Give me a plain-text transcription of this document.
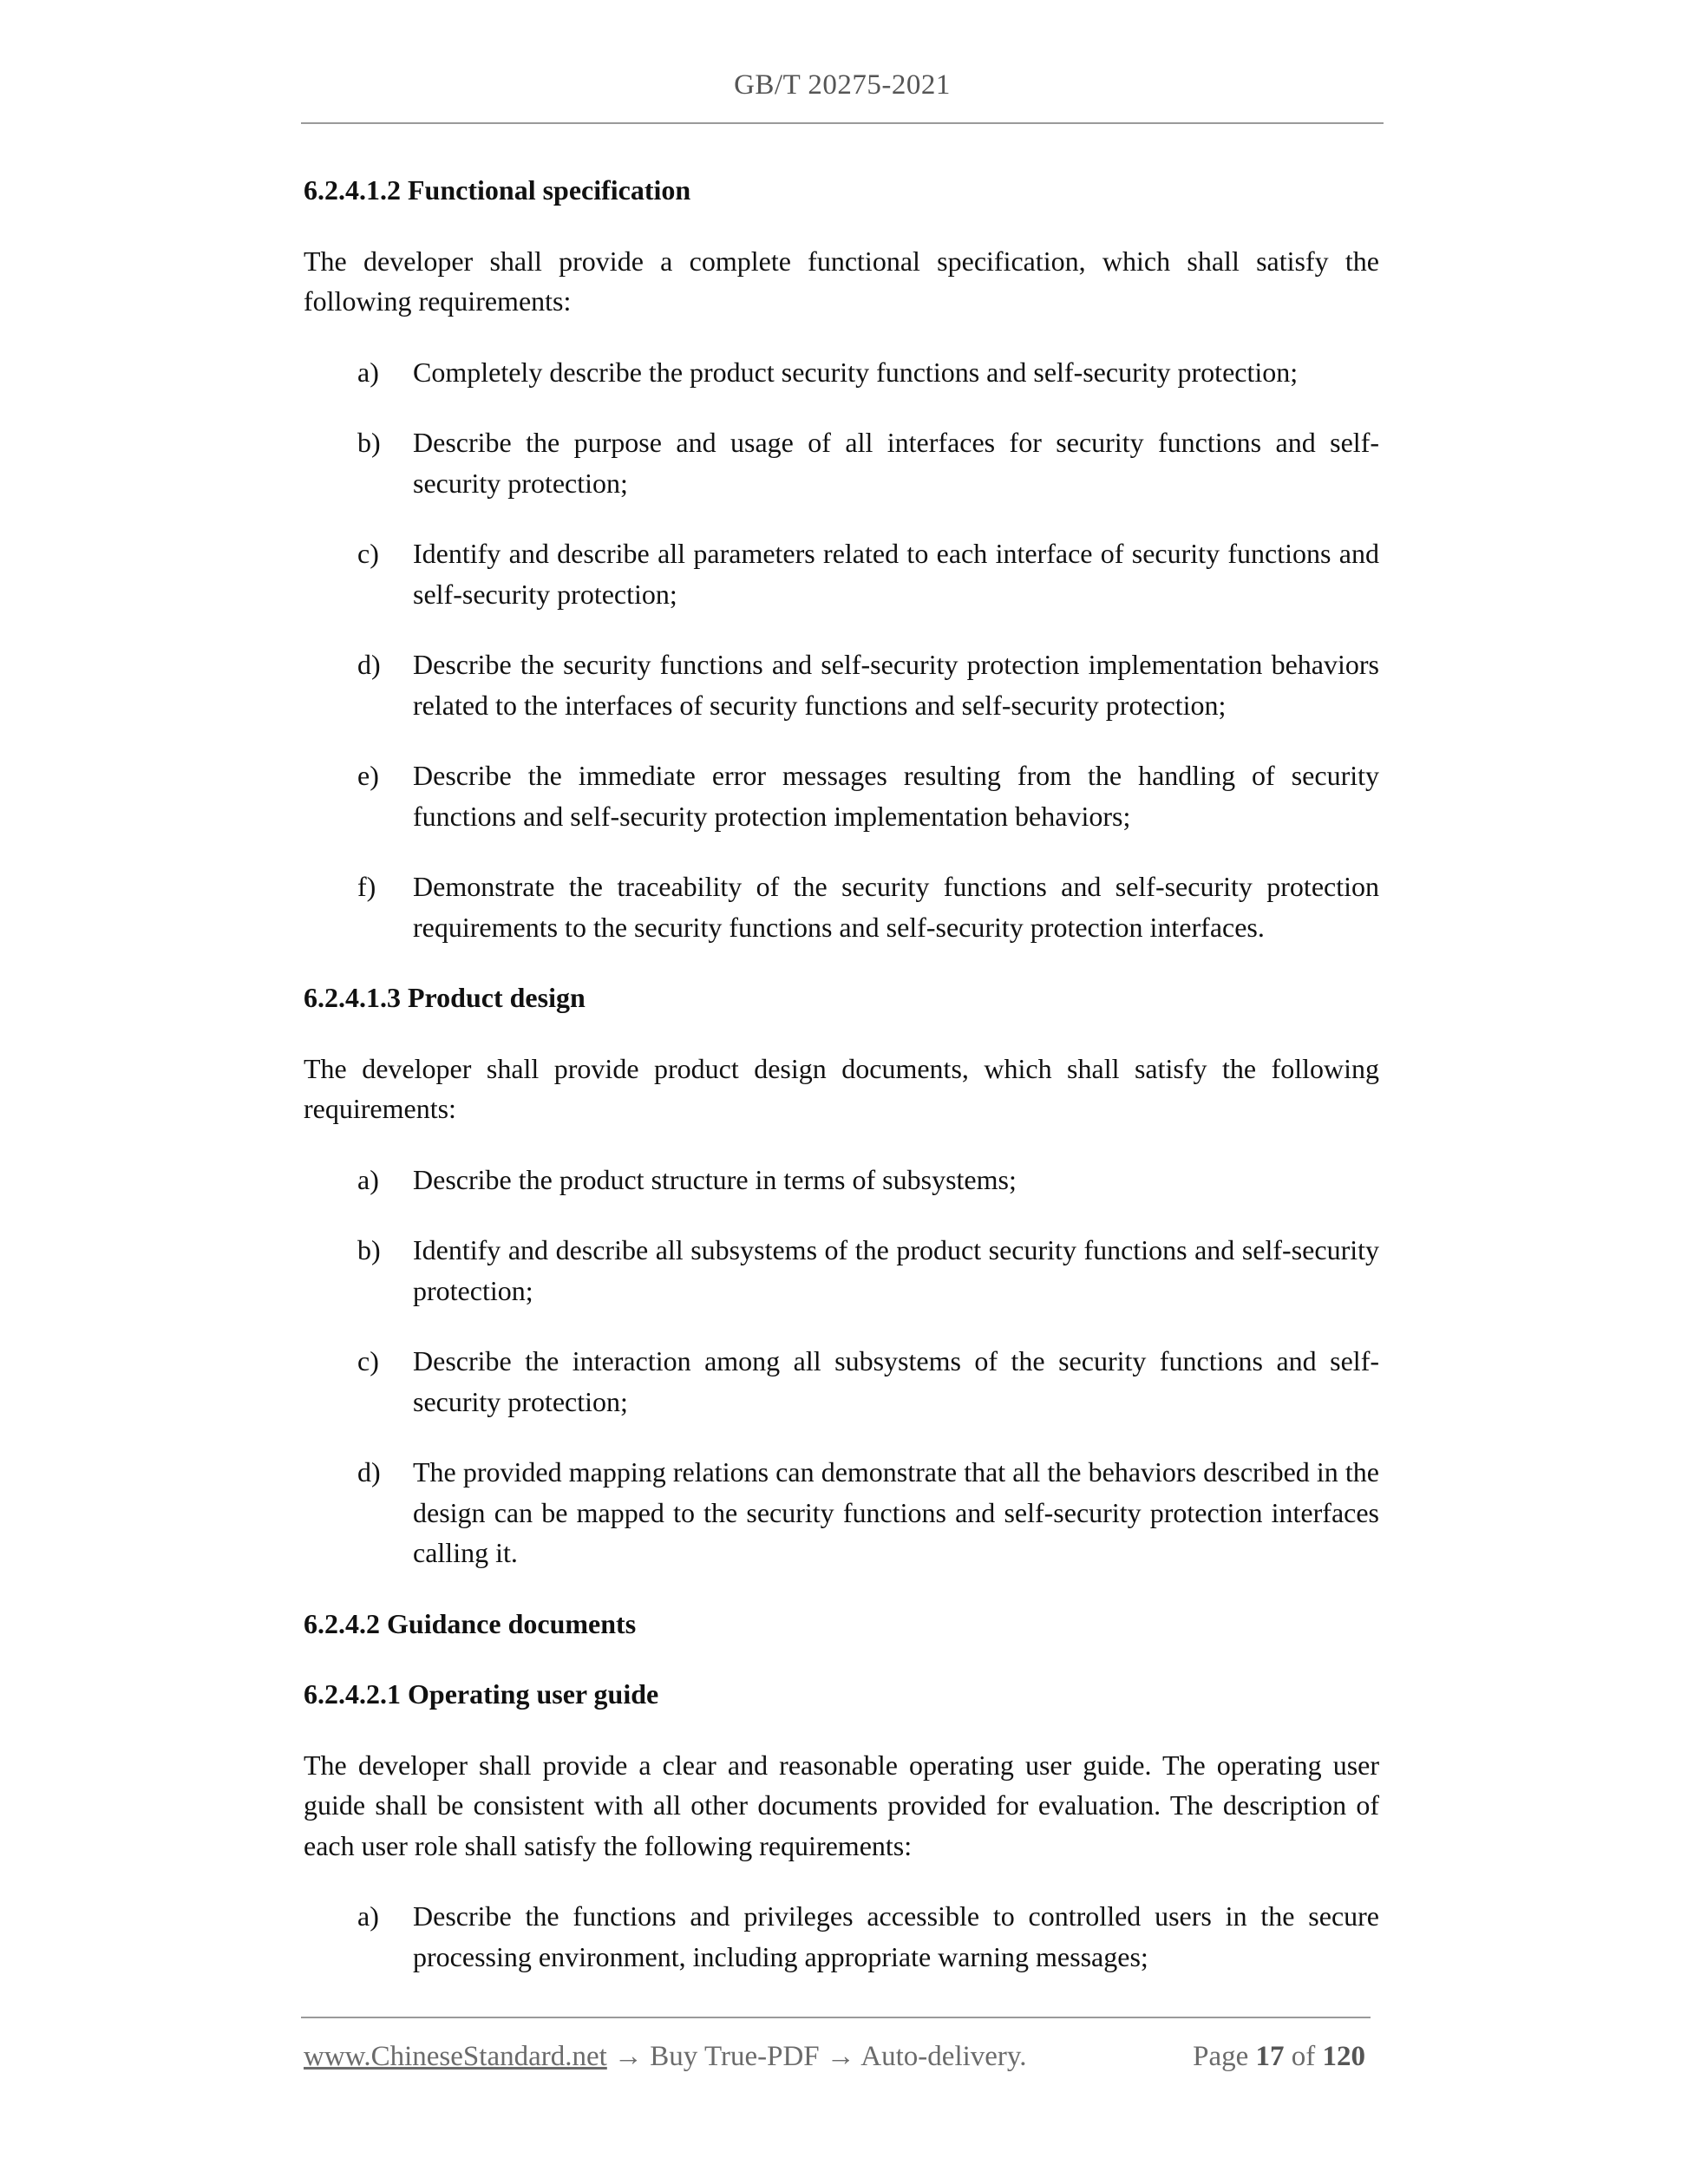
GB/T 20275-2021
6.2.4.1.2 Functional specification
The developer shall provide a complete functional specification, which shall satisfy the following requirements:
a) Completely describe the product security functions and self-security protection;
b) Describe the purpose and usage of all interfaces for security functions and self-security protection;
c) Identify and describe all parameters related to each interface of security functions and self-security protection;
d) Describe the security functions and self-security protection implementation behaviors related to the interfaces of security functions and self-security protection;
e) Describe the immediate error messages resulting from the handling of security functions and self-security protection implementation behaviors;
f) Demonstrate the traceability of the security functions and self-security protection requirements to the security functions and self-security protection interfaces.
6.2.4.1.3 Product design
The developer shall provide product design documents, which shall satisfy the following requirements:
a) Describe the product structure in terms of subsystems;
b) Identify and describe all subsystems of the product security functions and self-security protection;
c) Describe the interaction among all subsystems of the security functions and self-security protection;
d) The provided mapping relations can demonstrate that all the behaviors described in the design can be mapped to the security functions and self-security protection interfaces calling it.
6.2.4.2 Guidance documents
6.2.4.2.1 Operating user guide
The developer shall provide a clear and reasonable operating user guide. The operating user guide shall be consistent with all other documents provided for evaluation. The description of each user role shall satisfy the following requirements:
a) Describe the functions and privileges accessible to controlled users in the secure processing environment, including appropriate warning messages;
www.ChineseStandard.net → Buy True-PDF → Auto-delivery.	Page 17 of 120
